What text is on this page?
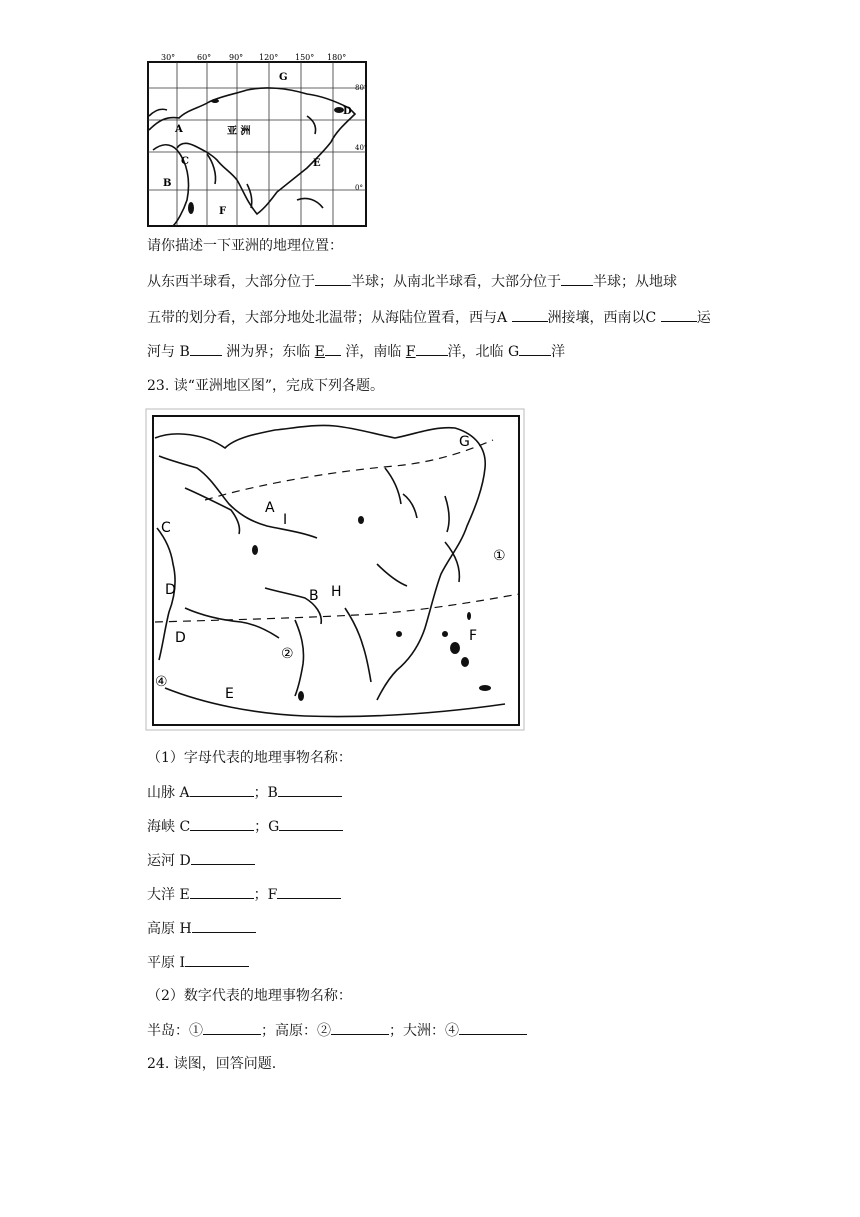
30°	60° 90° 120° 150° 180°
80°
40°
0°
A
B
C
D
E
F
G
亚 洲
请你描述一下亚洲的地理位置：
从东西半球看，大部分位于	半球；从南北半球看，大部分位于 半球；从地球
五带的划分看，大部分地处北温带；从海陆位置看，西与A	洲接壤，西南以C	运
河与 B 洲为界；东临 E 洋，南临 F 洋，北临 G 洋
23. 读“亚洲地区图”，完成下列各题。
A
B
C
D
D
E
F
G
H
I
①
②
④
（1）字母代表的地理事物名称：
山脉 A	；B
海峡 C	；G
运河 D
大洋 E	；F
高原 H
平原 I
（2）数字代表的地理事物名称：
半岛：①	；高原：②	；大洲：④
24. 读图，回答问题.
